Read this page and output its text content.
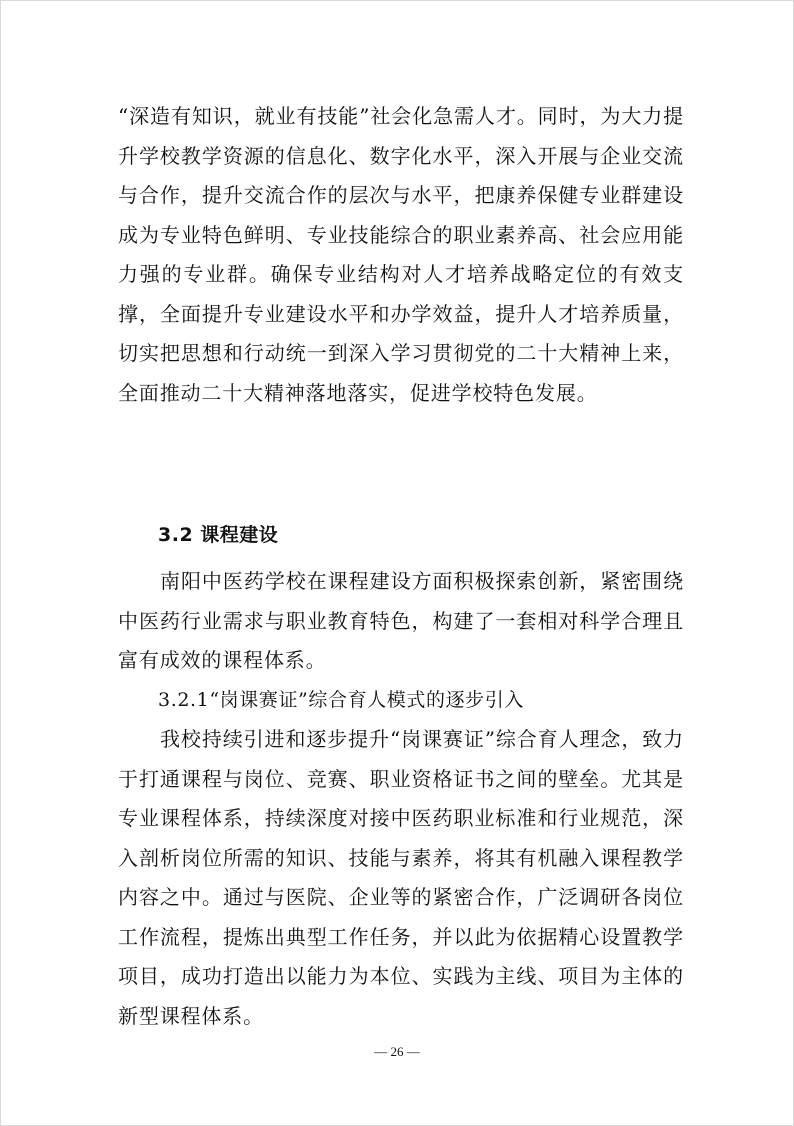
“深造有知识，就业有技能”社会化急需人才。同时，为大力提升学校教学资源的信息化、数字化水平，深入开展与企业交流与合作，提升交流合作的层次与水平，把康养保健专业群建设成为专业特色鲜明、专业技能综合的职业素养高、社会应用能力强的专业群。确保专业结构对人才培养战略定位的有效支撑，全面提升专业建设水平和办学效益，提升人才培养质量，切实把思想和行动统一到深入学习贯彻党的二十大精神上来，全面推动二十大精神落地落实，促进学校特色发展。

3.2 课程建设

南阳中医药学校在课程建设方面积极探索创新，紧密围绕中医药行业需求与职业教育特色，构建了一套相对科学合理且富有成效的课程体系。

3.2.1“岗课赛证”综合育人模式的逐步引入

我校持续引进和逐步提升“岗课赛证”综合育人理念，致力于打通课程与岗位、竞赛、职业资格证书之间的壁垒。尤其是专业课程体系，持续深度对接中医药职业标准和行业规范，深入剖析岗位所需的知识、技能与素养，将其有机融入课程教学内容之中。通过与医院、企业等的紧密合作，广泛调研各岗位工作流程，提炼出典型工作任务，并以此为依据精心设置教学项目，成功打造出以能力为本位、实践为主线、项目为主体的新型课程体系。

— 26 —
